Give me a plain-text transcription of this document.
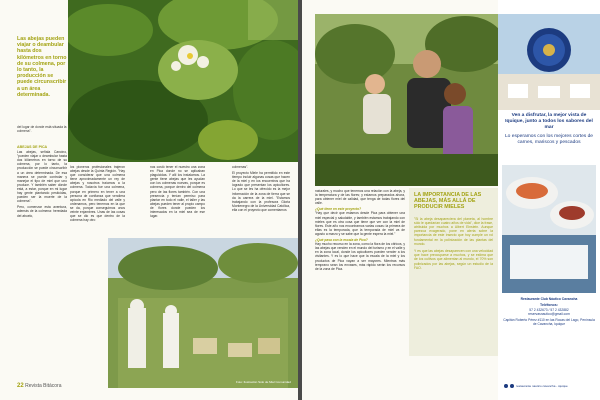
Las abejas pueden viajar o deambular hasta dos kilómetros en torno de su colmena, por lo tanto, la producción se puede circunscribir a un área determinada.
del lugar de donde está situada la colmena".
ABEJAS DE PICA

Las abejas, señala Cancino, "pueden viajar o deambular hasta dos kilómetros en torno de su colmena, por lo tanto, la producción se puede circunscribir a un área determinada. De esa manera se puede controlar y manejar el tipo de miel que uno produce. Y también saber dónde está, a estar, porque en mi lugar hay gente plantando pesticidas, pueden ser la muerte de la colmena".

Pero, comenzar esta aventura, además de la colmena: heredada del abuelo,

los pioneros profesionales trajeron abejas desde la Quinta Región. "Hay que considerar que una colmena tiene aproximadamente un rey de abejas y nosotros traíamos a la colmena. Todavía fue una colmena, porque en primero en tener a una persona de confianza que vendiera apícola en Rio mediado del valle y ordenamos, pero tenemos en la que se da, porque conseguimos unos veinte enjambres. Unas de las cosas que se dio es que dentro de la colmena hay otro

nos costó tener el nuestro una zona en Pica donde no se aplicaban plaguicidas. Y allí los instalamos. La gente tiene abejas que les ayudan con los colmenas nuevas, porque es colmena, porque dentro del colmena pero de las flores también. Con una presencia y tenían permiso para plantar en todo el valle, el taller y las abejas pueden tener al propio campo de flores donde pueden los interesados en la miel sea de ese lugar.

colmenas".

El proyecto Miele ha permitido en este tiempo incluir algunas cosas que hacen de la miel y en los encuentros que ha logrado que presentan los apicultores. Lo que se les ha ofrecido es la mejor información de la zona de tierra que se da la carrera de la miel. "Estamos trabajando con la profesora Gloria Montenegro de la Universidad Católica, ella con el proyecto que comentamos

Foto: Ilustración Sólo de Miel Comunidad
22 Revista Bitácora

naturales, y mucho que tenemos una relación con la abeja, y la temperatura y de las flores; y estamos preparados ahora, para obtener miel de calidad, que tenga de todas flores del valle.

¿Qué tiene en este proyecto?

"Hay que decir que estamos desde Pica para obtener una miel especial y saludable, y también estamos trabajando con mieles que es otra cosa que tiene que ver con la miel de flores. Este año nos encontramos varias cosas: la primera de ellas es la temporada, que la temporada de miel va de agosto a marzo y se sabe que la gente espera la miel."

¿Qué pasa con la escala de Pica?

Hay mucho recurso en la zona, como la flora de los cítricos, y las abejas que venden en el mundo del turismo y en el valle y en la zona local, donde los apicultores pueden vender a los visitantes. Y es lo que hace que la escala de la miel y los productos de Pica vayan a ser mayores. Mientras más temprano sean los envases, más rápido serán los recursos de la zona de Pica.

LA IMPORTANCIA DE LAS ABEJAS, MÁS ALLÁ DE PRODUCIR MIELES

"Si la abeja desapareciera del planeta, al hombre sólo le quedarían cuatro años de vida", dice la frase, atribuida por muchos a Albert Einstein. Aunque parezca exagerado, pone en alerta sobre la importancia de este insecto que hoy cumple un rol fundamental en la polinización de las plantas del mundo.

Y es que las abejas desaparecen con una velocidad que hace preocuparse a muchos, y se estima que de los cultivos que alimentan al mundo, el 70% son polinizados por las abejas, según un estudio de la FAO.

Ven a disfrutar, la mejor vista de Iquique, junto a todos los sabores del mar
Lo esperamos con los mejores cortes de carnes, mariscos y pescados
Restaurante Club Náutico Cavancha
Teléfonos:
57 2 432673 / 57 2 432882
reservasnautico@gmail.com
Capitán Roberto Pérez #110 en las Rocas del Lago, Península de Cavancha, Iquique
restaurante nautico cavancha - iquique
